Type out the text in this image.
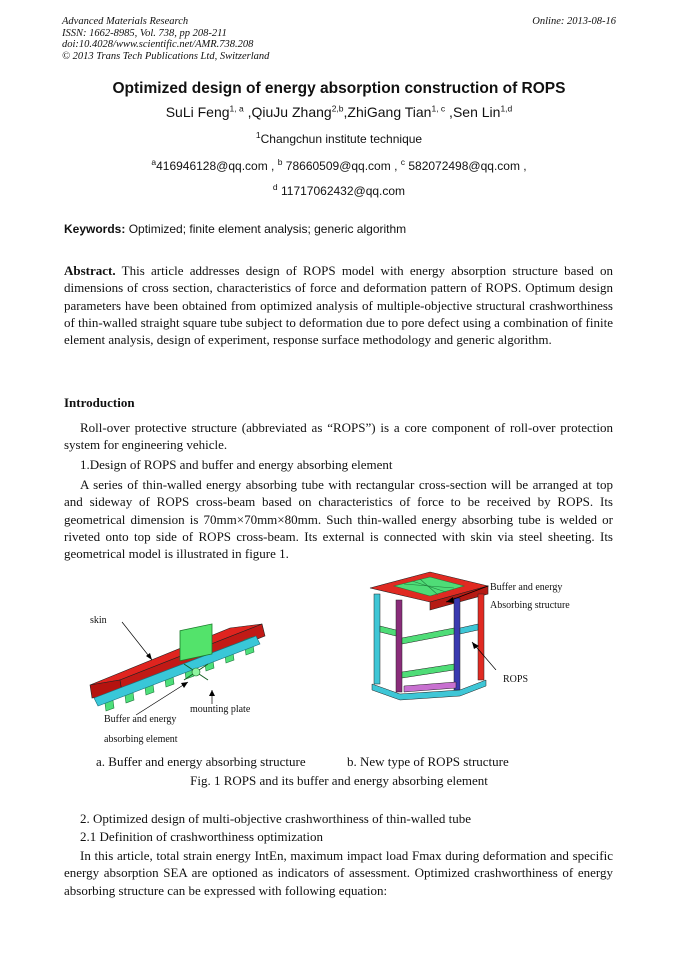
Advanced Materials Research
ISSN: 1662-8985, Vol. 738, pp 208-211
doi:10.4028/www.scientific.net/AMR.738.208
© 2013 Trans Tech Publications Ltd, Switzerland
Online: 2013-08-16
Optimized design of energy absorption construction of ROPS
SuLi Feng$^{1, a}$ ,QiuJu Zhang$^{2,b}$,ZhiGang Tian$^{1, c}$ ,Sen Lin$^{1,d}$
$^1$Changchun institute technique
$^a$416946128@qq.com , $^b$ 78660509@qq.com , $^c$ 582072498@qq.com ,
$^d$ 11717062432@qq.com
Keywords: Optimized; finite element analysis; generic algorithm
Abstract. This article addresses design of ROPS model with energy absorption structure based on dimensions of cross section, characteristics of force and deformation pattern of ROPS. Optimum design parameters have been obtained from optimized analysis of multiple-objective structural crashworthiness of thin-walled straight square tube subject to deformation due to pore defect using a combination of finite element analysis, design of experiment, response surface methodology and generic algorithm.
Introduction
Roll-over protective structure (abbreviated as “ROPS”) is a core component of roll-over protection system for engineering vehicle.
1.Design of ROPS and buffer and energy absorbing element
A series of thin-walled energy absorbing tube with rectangular cross-section will be arranged at top and sideway of ROPS cross-beam based on characteristics of force to be received by ROPS. Its geometrical dimension is 70mm×70mm×80mm. Such thin-walled energy absorbing tube is welded or riveted onto top side of ROPS cross-beam. Its external is connected with skin via steel sheeting. Its geometrical model is illustrated in figure 1.
skin
mounting plate
Buffer and energy
absorbing element
Buffer and energy
Absorbing structure
ROPS
a. Buffer and energy absorbing structure	b. New type of ROPS structure
Fig. 1 ROPS and its buffer and energy absorbing element
2. Optimized design of multi-objective crashworthiness of thin-walled tube
2.1 Definition of crashworthiness optimization
In this article, total strain energy IntEn, maximum impact load Fmax during deformation and specific energy absorption SEA are optioned as indicators of assessment. Optimized crashworthiness of energy absorbing structure can be expressed with following equation:
